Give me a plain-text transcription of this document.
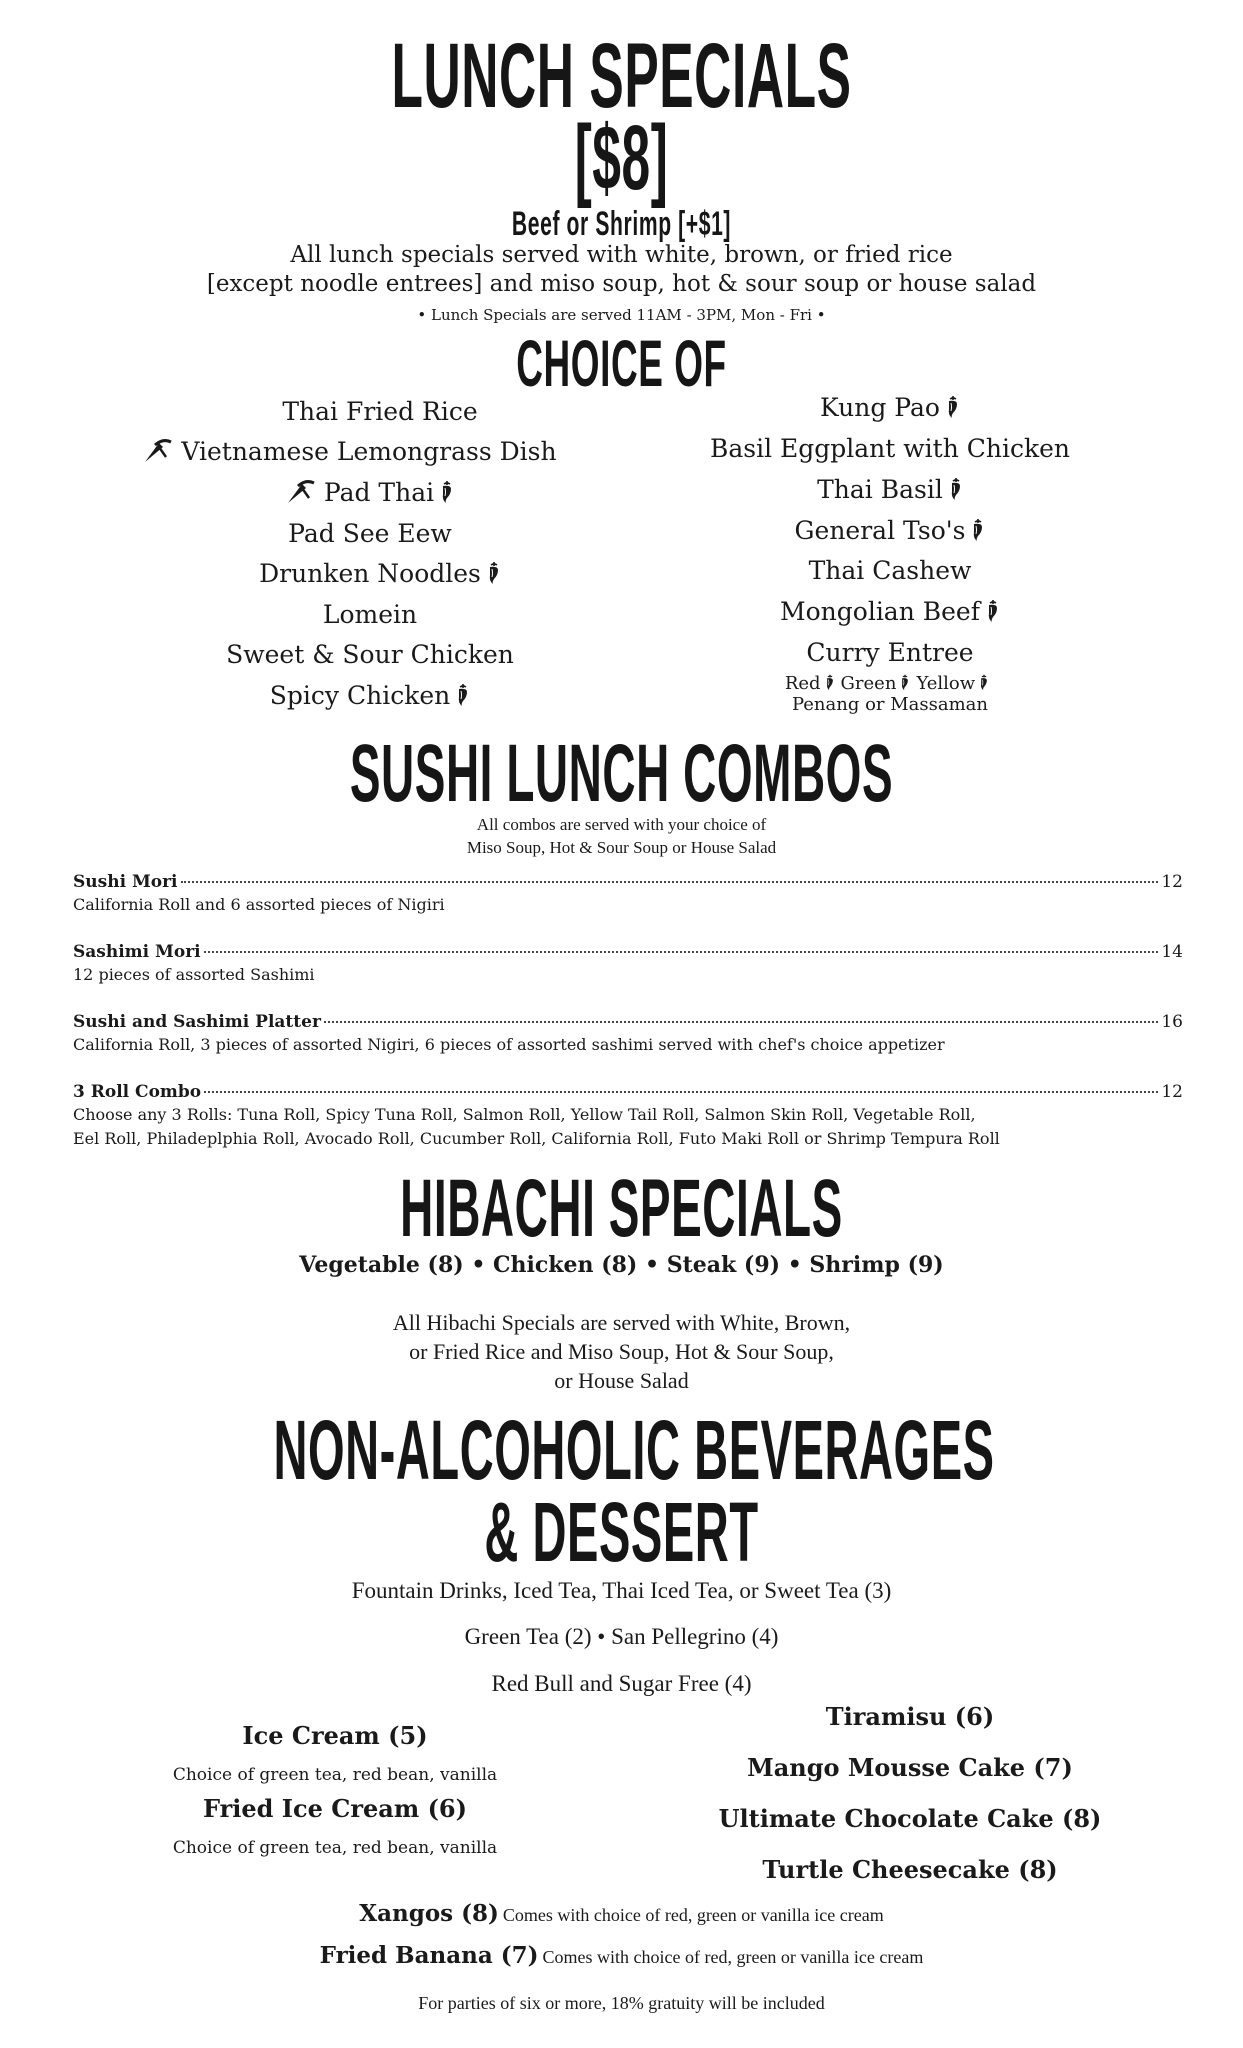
LUNCH SPECIALS
[$8]
Beef or Shrimp [+$1]
All lunch specials served with white, brown, or fried rice
[except noodle entrees] and miso soup, hot & sour soup or house salad
• Lunch Specials are served 11AM - 3PM, Mon - Fri •
CHOICE OF
Thai Fried Rice
Vietnamese Lemongrass Dish
Pad Thai
Pad See Eew
Drunken Noodles
Lomein
Sweet & Sour Chicken
Spicy Chicken
Kung Pao
Basil Eggplant with Chicken
Thai Basil
General Tso's
Thai Cashew
Mongolian Beef
Curry Entree
Red Green Yellow
Penang or Massaman
SUSHI LUNCH COMBOS
All combos are served with your choice of
Miso Soup, Hot & Sour Soup or House Salad
Sushi Mori	12
California Roll and 6 assorted pieces of Nigiri
Sashimi Mori	14
12 pieces of assorted Sashimi
Sushi and Sashimi Platter	16
California Roll, 3 pieces of assorted Nigiri, 6 pieces of assorted sashimi served with chef's choice appetizer
3 Roll Combo	12
Choose any 3 Rolls: Tuna Roll, Spicy Tuna Roll, Salmon Roll, Yellow Tail Roll, Salmon Skin Roll, Vegetable Roll,
Eel Roll, Philadeplphia Roll, Avocado Roll, Cucumber Roll, California Roll, Futo Maki Roll or Shrimp Tempura Roll
HIBACHI SPECIALS
Vegetable (8) • Chicken (8) • Steak (9) • Shrimp (9)
All Hibachi Specials are served with White, Brown,
or Fried Rice and Miso Soup, Hot & Sour Soup,
or House Salad
NON-ALCOHOLIC BEVERAGES
& DESSERT
Fountain Drinks, Iced Tea, Thai Iced Tea, or Sweet Tea (3)
Green Tea (2) • San Pellegrino (4)
Red Bull and Sugar Free (4)
Ice Cream (5)
Choice of green tea, red bean, vanilla
Fried Ice Cream (6)
Choice of green tea, red bean, vanilla
Tiramisu (6)
Mango Mousse Cake (7)
Ultimate Chocolate Cake (8)
Turtle Cheesecake (8)
Xangos (8) Comes with choice of red, green or vanilla ice cream
Fried Banana (7) Comes with choice of red, green or vanilla ice cream
For parties of six or more, 18% gratuity will be included
